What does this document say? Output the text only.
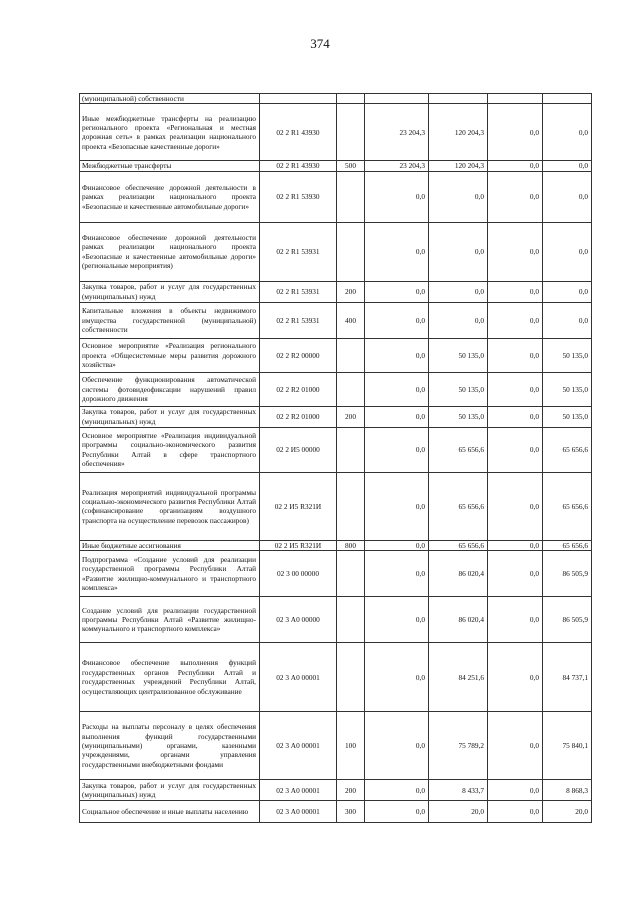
374
(муниципальной) собственности						
Иные межбюджетные трансферты на реализацию регионального проекта «Региональная и местная дорожная сеть» в рамках реализации национального проекта «Безопасные качественные дороги»	02 2 R1 43930		23 204,3	120 204,3	0,0	0,0
Межбюджетные трансферты	02 2 R1 43930	500	23 204,3	120 204,3	0,0	0,0
Финансовое обеспечение дорожной деятельности в рамках реализации национального проекта «Безопасные и качественные автомобильные дороги»	02 2 R1 53930		0,0	0,0	0,0	0,0
Финансовое обеспечение дорожной деятельности рамках реализации национального проекта «Безопасные и качественные автомобильные дороги» (региональные мероприятия)	02 2 R1 53931		0,0	0,0	0,0	0,0
Закупка товаров, работ и услуг для государственных (муниципальных) нужд	02 2 R1 53931	200	0,0	0,0	0,0	0,0
Капитальные вложения в объекты недвижимого имущества государственной (муниципальной) собственности	02 2 R1 53931	400	0,0	0,0	0,0	0,0
Основное мероприятие «Реализация регионального проекта «Общесистемные меры развития дорожного хозяйства»	02 2 R2 00000		0,0	50 135,0	0,0	50 135,0
Обеспечение функционирования автоматической системы фотовидеофиксации нарушений правил дорожного движения	02 2 R2 01000		0,0	50 135,0	0,0	50 135,0
Закупка товаров, работ и услуг для государственных (муниципальных) нужд	02 2 R2 01000	200	0,0	50 135,0	0,0	50 135,0
Основное мероприятие «Реализация индивидуальной программы социально-экономического развития Республики Алтай в сфере транспортного обеспечения»	02 2 И5 00000		0,0	65 656,6	0,0	65 656,6
Реализация мероприятий индивидуальной программы социально-экономического развития Республики Алтай (софинансирование организациям воздушного транспорта на осуществление перевозок пассажиров)	02 2 И5 R321И		0,0	65 656,6	0,0	65 656,6
Иные бюджетные ассигнования	02 2 И5 R321И	800	0,0	65 656,6	0,0	65 656,6
Подпрограмма «Создание условий для реализации государственной программы Республики Алтай «Развитие жилищно-коммунального и транспортного комплекса»	02 3 00 00000		0,0	86 020,4	0,0	86 505,9
Создание условий для реализации государственной программы Республики Алтай «Развитие жилищно-коммунального и транспортного комплекса»	02 3 А0 00000		0,0	86 020,4	0,0	86 505,9
Финансовое обеспечение выполнения функций государственных органов Республики Алтай и государственных учреждений Республики Алтай, осуществляющих централизованное обслуживание	02 3 А0 00001		0,0	84 251,6	0,0	84 737,1
Расходы на выплаты персоналу в целях обеспечения выполнения функций государственными (муниципальными) органами, казенными учреждениями, органами управления государственными внебюджетными фондами	02 3 А0 00001	100	0,0	75 789,2	0,0	75 840,1
Закупка товаров, работ и услуг для государственных (муниципальных) нужд	02 3 А0 00001	200	0,0	8 433,7	0,0	8 868,3
Социальное обеспечение и иные выплаты населению	02 3 А0 00001	300	0,0	20,0	0,0	20,0
